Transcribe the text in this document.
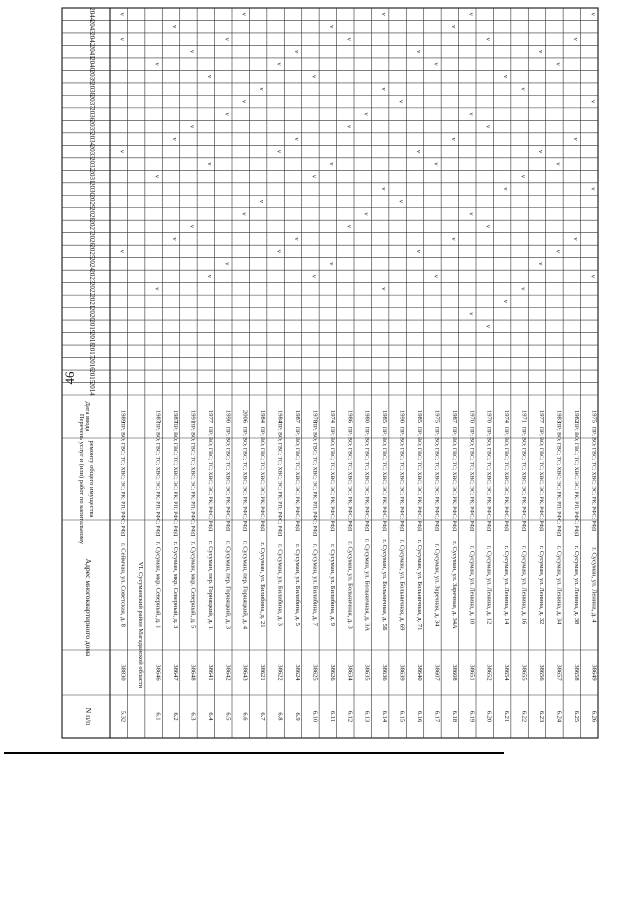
46
2014
2015
2016
2017
2018
2019
2020
2021
2022
2023
2024
2025
2026
2027
2028
2029
2030
2031
2032
2033
2034
2035
2036
2037
2038
2039
2040
2041
2042
2043
2044
N п/п
Адрес многоквартирного дома
Перечень услуг и (или) работ по капитальному ремонту общего имущества
Дата ввода
5.32
38830
г. Сеймчан, ул. Советская, д. 8
ПР; ВО; ГВС; ТС; ХВС; ЭС; РК; РП; РФС; РФД
1989
v
v
v
v
VI. Сусуманский район Магаданской области
6.1
38646
г. Сусуман, мкр. Северный, д. 1
ПР; ВО; ГВС; ТС; ХВС; ЭС; РК; РП; РФС; РФД
1987
v
v
v
6.2
38647
г. Сусуман, мкр. Северный, д. 3
ПР; ВО; ГВС; ТС; ХВС; ЭС; РК; РП; РФС; РФД
1987
v
v
v
6.3
38648
г. Сусуман, мкр. Северный, д. 5
ПР; ВО; ГВС; ТС; ХВС; ЭС; РК; РП; РФС; РФД
1991
v
v
v
6.4
38641
г. Сусуман, пер. Горняцкий, д. 1
ПР; ВО; ГВС; ТС; ХВС; ЭС; РК; РФС; РФД
1977
v
v
v
6.5
38642
г. Сусуман, пер. Горняцкий, д. 3
ПР; ВО; ГВС; ТС; ХВС; ЭС; РК; РФС; РФД
1990
v
v
v
6.6
38643
г. Сусуман, пер. Горняцкий, д. 4
ПР; ВО; ГВС; ТС; ХВС; ЭС; РК; РФС; РФД
2006
v
v
v
6.7
38621
г. Сусуман, ул. Билибина, д. 21
ПР; ВО; ГВС; ТС; ХВС; ЭС; РК; РФС; РФД
1984
v
v
6.8
38622
г. Сусуман, ул. Билибина, д. 3
ПР; ВО; ГВС; ТС; ХВС; ЭС; РК; РП; РФС; РФД
1984
v
v
v
6.9
38624
г. Сусуман, ул. Билибина, д. 5
ПР; ВО; ГВС; ТС; ХВС; ЭС; РК; РФС; РФД
1987
v
v
v
6.10
38625
г. Сусуман, ул. Билибина, д. 7
ПР; ВО; ГВС; ТС; ХВС; ЭС; РК; РП; РФС; РФД
1978
v
v
v
6.11
38626
г. Сусуман, ул. Билибина, д. 9
ПР; ВО; ГВС; ТС; ХВС; ЭС; РК; РФС; РФД
1974
v
v
v
6.12
38634
г. Сусуман, ул. Больничная, д. 3
ПР; ВО; ГВС; ТС; ХВС; ЭС; РК; РФС; РФД
1986
v
v
v
6.13
38635
г. Сусуман, ул. Больничная, д. 3А
ПР; ВО; ГВС; ТС; ХВС; ЭС; РК; РФС; РФД
1980
v
v
6.14
38636
г. Сусуман, ул. Больничная, д. 5Б
ПР; ВО; ГВС; ТС; ХВС; ЭС; РК; РФС; РФД
1985
v
v
v
v
6.15
38639
г. Сусуман, ул. Больничная, д. 69
ПР; ВО; ГВС; ТС; ХВС; ЭС; РК; РФС; РФД
1990
v
v
6.16
38640
г. Сусуман, ул. Больничная, д. 71
ПР; ВО; ГВС; ТС; ХВС; ЭС; РК; РФС; РФД
1985
v
v
v
6.17
38607
г. Сусуман, ул. Заречная, д. 34
ПР; ВО; ГВС; ТС; ХВС; ЭС; РК; РФС; РФД
1975
v
v
v
6.18
38608
г. Сусуман, ул. Заречная, д. 34А
ПР; ВО; ГВС; ТС; ХВС; ЭС; РК; РФС; РФД
1987
v
v
v
6.19
38651
г. Сусуман, ул. Ленина, д. 10
ПР; ВО; ГВС; ТС; ХВС; ЭС; РК; РФС; РФД
1970
v
v
v
v
6.20
38652
г. Сусуман, ул. Ленина, д. 12
ПР; ВО; ГВС; ТС; ХВС; ЭС; РК; РФС; РФД
1970
v
v
v
v
6.21
38654
г. Сусуман, ул. Ленина, д. 14
ПР; ВО; ГВС; ТС; ХВС; ЭС; РК; РФС; РФД
1974
v
v
v
6.22
38655
г. Сусуман, ул. Ленина, д. 16
ПР; ВО; ГВС; ТС; ХВС; ЭС; РК; РФС; РФД
1971
v
v
v
6.23
38656
г. Сусуман, ул. Ленина, д. 32
ПР; ВО; ГВС; ТС; ХВС; ЭС; РК; РФС; РФД
1977
v
v
v
6.24
38657
г. Сусуман, ул. Ленина, д. 34
ПР; ВО; ГВС; ТС; ХВС; ЭС; РК; РП; РФС; РФД
1983
v
v
v
6.25
38658
г. Сусуман, ул. Ленина, д. 38
ПР; ВО; ГВС; ТС; ХВС; ЭС; РК; РП; РФС; РФД
1982
v
v
v
6.26
38649
г. Сусуман, ул. Ленина, д. 4
ПР; ВО; ГВС; ТС; ХВС; ЭС; РК; РФС; РФД
1975
v
v
v
v
